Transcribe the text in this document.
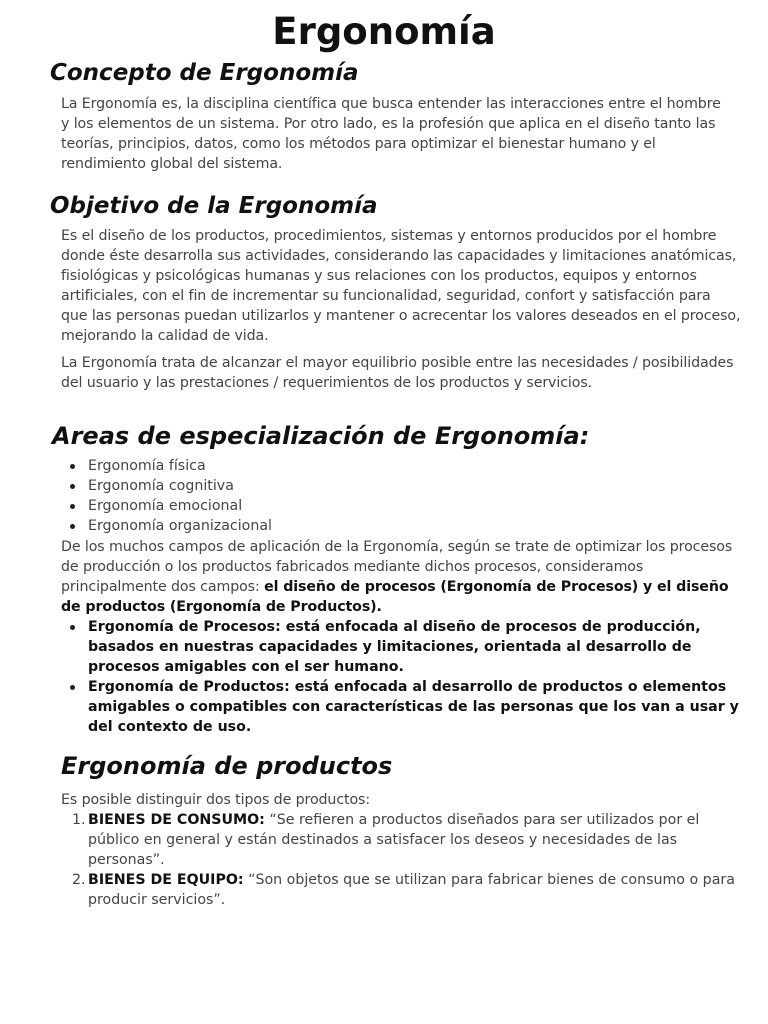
Ergonomía
Concepto de Ergonomía

La Ergonomía es, la disciplina científica que busca entender las interacciones entre el hombre y los elementos de un sistema. Por otro lado, es la profesión que aplica en el diseño tanto las teorías, principios, datos, como los métodos para optimizar el bienestar humano y el rendimiento global del sistema.

Objetivo de la Ergonomía

Es el diseño de los productos, procedimientos, sistemas y entornos producidos por el hombre donde éste desarrolla sus actividades, considerando las capacidades y limitaciones anatómicas, fisiológicas y psicológicas humanas y sus relaciones con los productos, equipos y entornos artificiales, con el fin de incrementar su funcionalidad, seguridad, confort y satisfacción para que las personas puedan utilizarlos y mantener o acrecentar los valores deseados en el proceso, mejorando la calidad de vida.

La Ergonomía trata de alcanzar el mayor equilibrio posible entre las necesidades / posibilidades del usuario y las prestaciones / requerimientos de los productos y servicios.

Areas de especialización de Ergonomía:
Ergonomía física
Ergonomía cognitiva
Ergonomía emocional
Ergonomía organizacional

De los muchos campos de aplicación de la Ergonomía, según se trate de optimizar los procesos de producción o los productos fabricados mediante dichos procesos, consideramos principalmente dos campos: el diseño de procesos (Ergonomía de Procesos) y el diseño de productos (Ergonomía de Productos).

Ergonomía de Procesos: está enfocada al diseño de procesos de producción, basados en nuestras capacidades y limitaciones, orientada al desarrollo de procesos amigables con el ser humano.
Ergonomía de Productos: está enfocada al desarrollo de productos o elementos amigables o compatibles con características de las personas que los van a usar y del contexto de uso.
Ergonomía de productos

Es posible distinguir dos tipos de productos:

1. BIENES DE CONSUMO: “Se refieren a productos diseñados para ser utilizados por el público en general y están destinados a satisfacer los deseos y necesidades de las personas”.
2. BIENES DE EQUIPO: “Son objetos que se utilizan para fabricar bienes de consumo o para producir servicios”.
